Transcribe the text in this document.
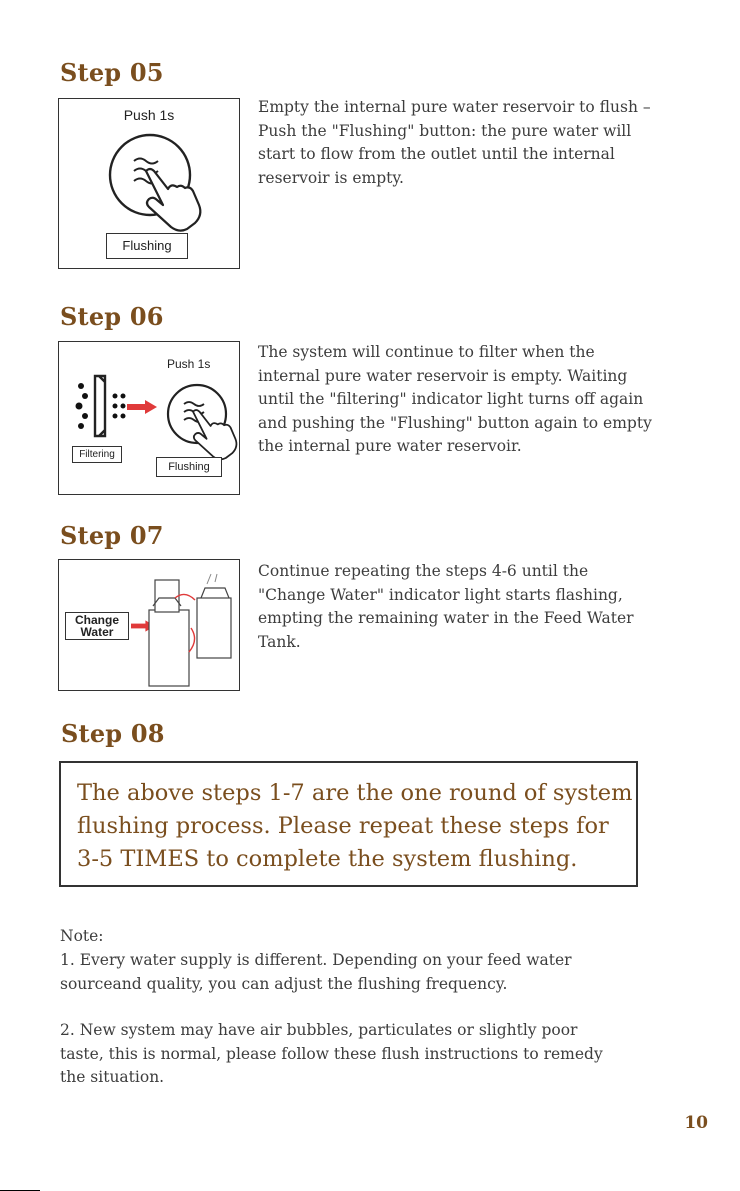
Step 05
Push 1s
Flushing

Empty the internal pure water reservoir to flush – Push the "Flushing" button: the pure water will start to flow from the outlet until the internal reservoir is empty.

Step 06
Push 1s
Filtering
Flushing

The system will continue to filter when the internal pure water reservoir is empty. Waiting until the "filtering" indicator light turns off again and pushing the "Flushing" button again to empty the internal pure water reservoir.

Step 07
Change
Water

Continue repeating the steps 4-6 until the "Change Water" indicator light starts flashing, empting the remaining water in the Feed Water Tank.

Step 08

The above steps 1-7 are the one round of system flushing process. Please repeat these steps for 3-5 TIMES to complete the system flushing.

Note:

1. Every water supply is different. Depending on your feed water sourceand quality, you can adjust the flushing frequency.

2. New system may have air bubbles, particulates or slightly poor taste, this is normal, please follow these flush instructions to remedy the situation.

10
